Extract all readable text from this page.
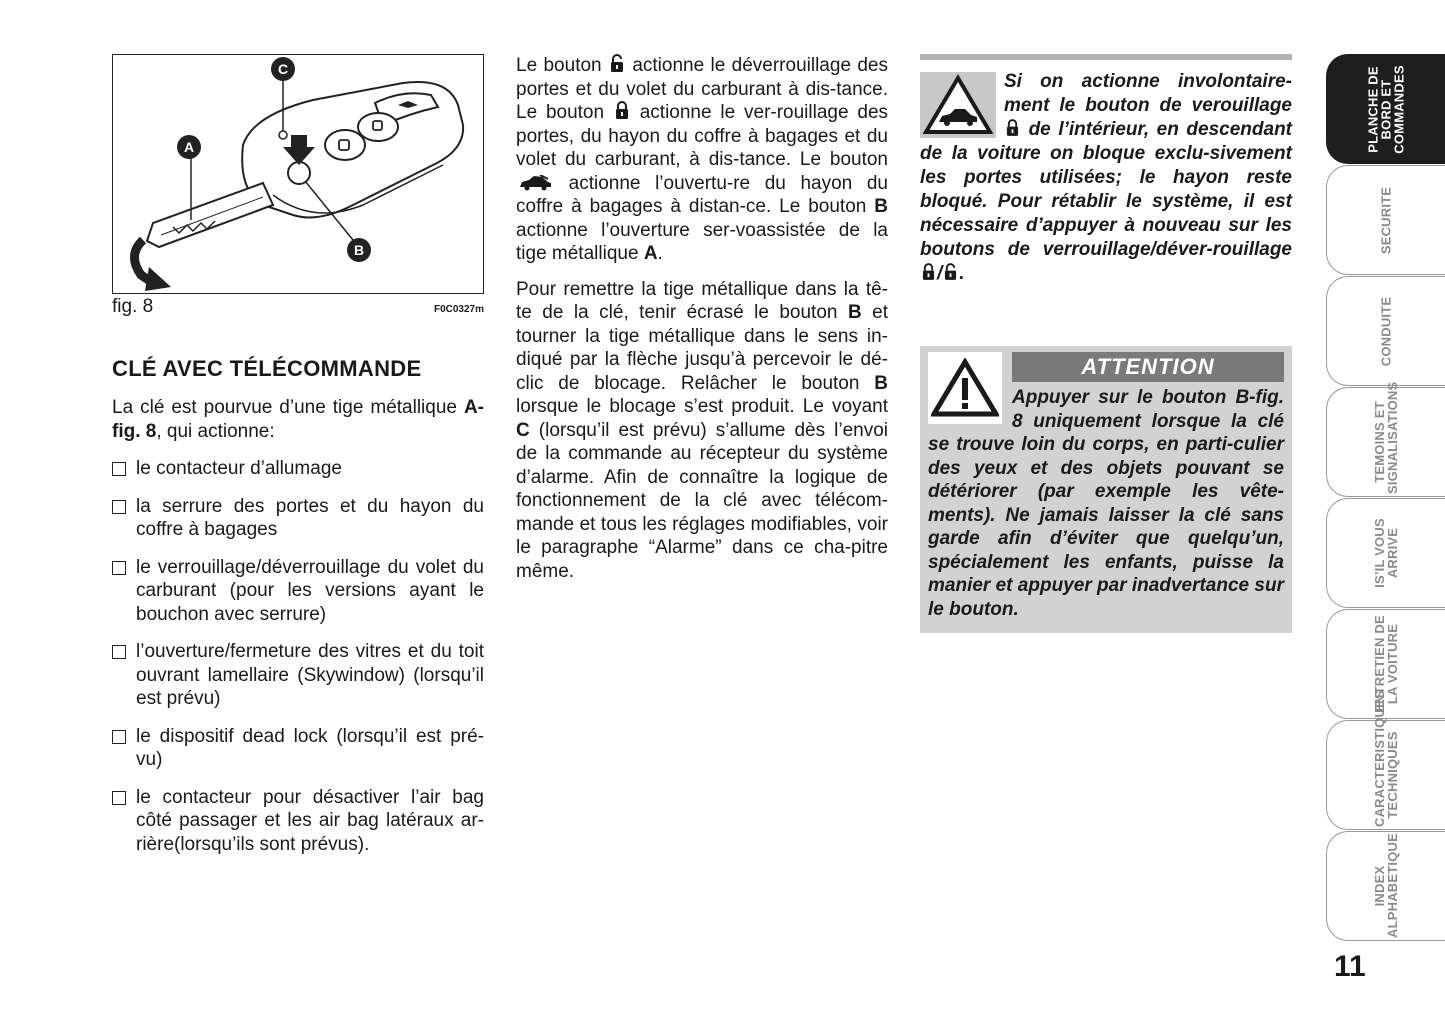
C
A
B
fig. 8	F0C0327m
CLÉ AVEC TÉLÉCOMMANDE

La clé est pourvue d’une tige métallique A-fig. 8, qui actionne:

le contacteur d’allumage
la serrure des portes et du hayon du coffre à bagages
le verrouillage/déverrouillage du volet du carburant (pour les versions ayant le bouchon avec serrure)
l’ouverture/fermeture des vitres et du toit ouvrant lamellaire (Skywindow) (lorsqu’il est prévu)
le dispositif dead lock (lorsqu’il est pré-vu)
le contacteur pour désactiver l’air bag côté passager et les air bag latéraux ar-rière(lorsqu’ils sont prévus).

Le bouton actionne le déverrouillage des portes et du volet du carburant à dis-tance. Le bouton actionne le ver-rouillage des portes, du hayon du coffre à bagages et du volet du carburant, à dis-tance. Le bouton  actionne l’ouvertu-re du hayon du coffre à bagages à distan-ce. Le bouton B actionne l’ouverture ser-voassistée de la tige métallique A.

Pour remettre la tige métallique dans la tê-te de la clé, tenir écrasé le bouton B et tourner la tige métallique dans le sens in-diqué par la flèche jusqu’à percevoir le dé-clic de blocage. Relâcher le bouton B lorsque le blocage s’est produit. Le voyant C (lorsqu’il est prévu) s’allume dès l’envoi de la commande au récepteur du système d’alarme. Afin de connaître la logique de fonctionnement de la clé avec télécom-mande et tous les réglages modifiables, voir le paragraphe “Alarme” dans ce cha-pitre même.

Si on actionne involontaire-ment le bouton de verouillage  de l’intérieur, en descendant de la voiture on bloque exclu-sivement les portes utilisées; le hayon reste bloqué. Pour rétablir le système, il est nécessaire d’appuyer à nouveau sur les boutons de verrouillage/déver-rouillage / .

ATTENTION

Appuyer sur le bouton B-fig. 8 uniquement lorsque la clé se trouve loin du corps, en parti-culier des yeux et des objets pouvant se détériorer (par exemple les vête-ments). Ne jamais laisser la clé sans garde afin d’éviter que quelqu’un, spécialement les enfants, puisse la manier et appuyer par inadvertance sur le bouton.

PLANCHE DE
BORD ET
COMMANDES
SECURITE
CONDUITE
TEMOINS ET
SIGNALISATIONS
IS’IL VOUS
ARRIVE
ENTRETIEN DE
LA VOITURE
CARACTERISTIQUES
TECHNIQUES
INDEX
ALPHABETIQUE
11
